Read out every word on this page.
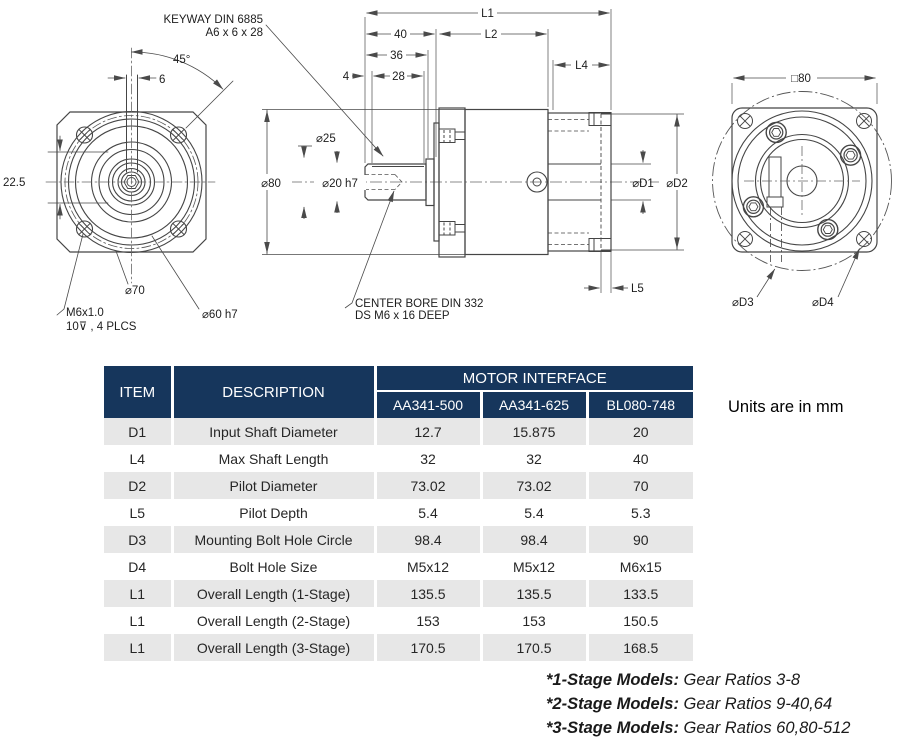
6
45°
22.5
⌀70
M6x1.0
10⊽ , 4 PLCS
⌀60 h7
KEYWAY DIN 6885
A6 x 6 x 28
L1
40	L2
36
4	28
L4
⌀80
⌀25
⌀20 h7	⌀D1 ⌀D2
L5
CENTER BORE DIN 332
DS M6 x 16 DEEP
□80
⌀D3	⌀D4
ITEM	DESCRIPTION	MOTOR INTERFACE		
		AA341-500	AA341-625	BL080-748
D1	Input Shaft Diameter	12.7	15.875	20
L4	Max Shaft Length	32	32	40
D2	Pilot Diameter	73.02	73.02	70
L5	Pilot Depth	5.4	5.4	5.3
D3	Mounting Bolt Hole Circle	98.4	98.4	90
D4	Bolt Hole Size	M5x12	M5x12	M6x15
L1	Overall Length (1-Stage)	135.5	135.5	133.5
L1	Overall Length (2-Stage)	153	153	150.5
L1	Overall Length (3-Stage)	170.5	170.5	168.5
Units are in mm
*1-Stage Models: Gear Ratios 3-8
*2-Stage Models: Gear Ratios 9-40,64
*3-Stage Models: Gear Ratios 60,80-512
